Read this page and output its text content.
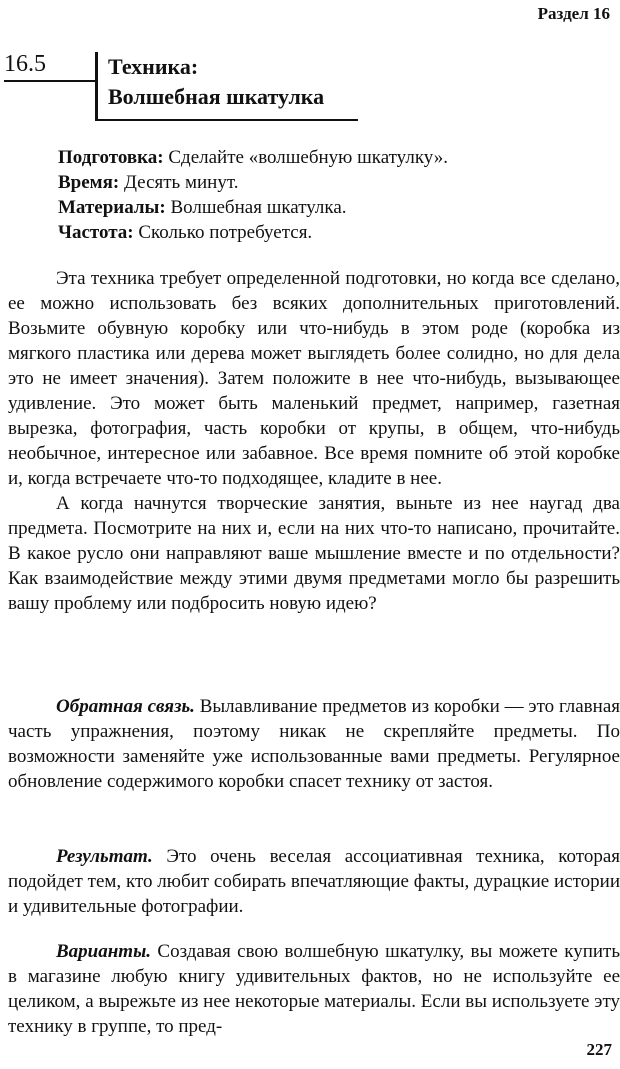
Раздел 16
16.5	Техника:
Волшебная шкатулка
Подготовка: Сделайте «волшебную шкатулку».
Время: Десять минут.
Материалы: Волшебная шкатулка.
Частота: Сколько потребуется.

Эта техника требует определенной подготовки, но когда все сделано, ее можно использовать без всяких дополнительных приготовлений. Возьмите обувную коробку или что-нибудь в этом роде (коробка из мягкого пластика или дерева может выглядеть более солидно, но для дела это не имеет значения). Затем положите в нее что-нибудь, вызывающее удивление. Это может быть маленький предмет, например, газетная вырезка, фотография, часть коробки от крупы, в общем, что-нибудь необычное, интересное или забавное. Все время помните об этой коробке и, когда встречаете что-то подходящее, кладите в нее.

А когда начнутся творческие занятия, выньте из нее наугад два предмета. Посмотрите на них и, если на них что-то написано, прочитайте. В какое русло они направляют ваше мышление вместе и по отдельности? Как взаимодействие между этими двумя предметами могло бы разрешить вашу проблему или подбросить новую идею?

Обратная связь. Вылавливание предметов из коробки — это главная часть упражнения, поэтому никак не скрепляйте предметы. По возможности заменяйте уже использованные вами предметы. Регулярное обновление содержимого коробки спасет технику от застоя.

Результат. Это очень веселая ассоциативная техника, которая подойдет тем, кто любит собирать впечатляющие факты, дурацкие истории и удивительные фотографии.

Варианты. Создавая свою волшебную шкатулку, вы можете купить в магазине любую книгу удивительных фактов, но не используйте ее целиком, а вырежьте из нее некоторые материалы. Если вы используете эту технику в группе, то пред-

227
